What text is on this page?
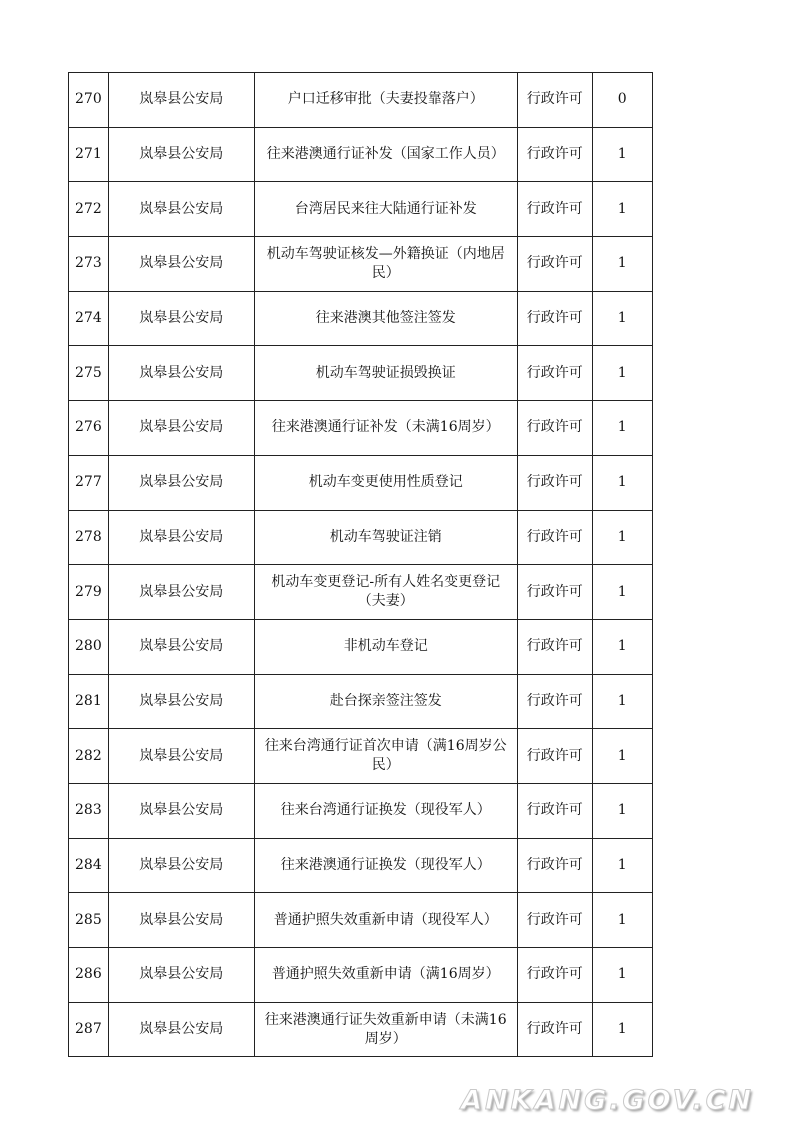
270	岚皋县公安局	户口迁移审批（夫妻投靠落户）	行政许可	0
271	岚皋县公安局	往来港澳通行证补发（国家工作人员）	行政许可	1
272	岚皋县公安局	台湾居民来往大陆通行证补发	行政许可	1
273	岚皋县公安局	机动车驾驶证核发—外籍换证（内地居民）	行政许可	1
274	岚皋县公安局	往来港澳其他签注签发	行政许可	1
275	岚皋县公安局	机动车驾驶证损毁换证	行政许可	1
276	岚皋县公安局	往来港澳通行证补发（未满16周岁）	行政许可	1
277	岚皋县公安局	机动车变更使用性质登记	行政许可	1
278	岚皋县公安局	机动车驾驶证注销	行政许可	1
279	岚皋县公安局	机动车变更登记-所有人姓名变更登记（夫妻）	行政许可	1
280	岚皋县公安局	非机动车登记	行政许可	1
281	岚皋县公安局	赴台探亲签注签发	行政许可	1
282	岚皋县公安局	往来台湾通行证首次申请（满16周岁公民）	行政许可	1
283	岚皋县公安局	往来台湾通行证换发（现役军人）	行政许可	1
284	岚皋县公安局	往来港澳通行证换发（现役军人）	行政许可	1
285	岚皋县公安局	普通护照失效重新申请（现役军人）	行政许可	1
286	岚皋县公安局	普通护照失效重新申请（满16周岁）	行政许可	1
287	岚皋县公安局	往来港澳通行证失效重新申请（未满16周岁）	行政许可	1
ANKANG.GOV.CN
